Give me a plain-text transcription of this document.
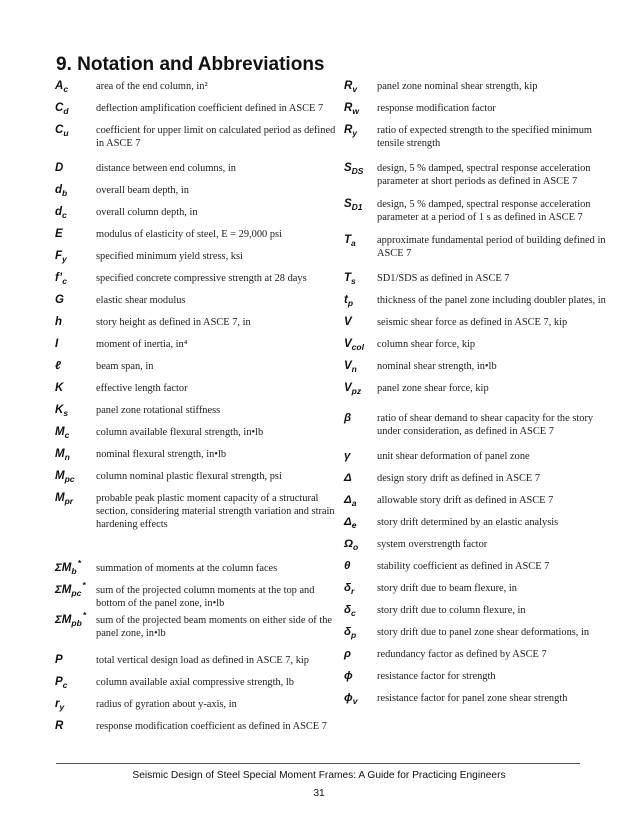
9. Notation and Abbreviations
$A_c$	area of the end column, in²
$C_d$	deflection amplification coefficient defined in ASCE 7
$C_u$	coefficient for upper limit on calculated period as defined in ASCE 7
D	distance between end columns, in
$d_b$	overall beam depth, in
$d_c$	overall column depth, in
E	modulus of elasticity of steel, E = 29,000 psi
$F_y$	specified minimum yield stress, ksi
$f’_c$	specified concrete compressive strength at 28 days
G	elastic shear modulus
h	story height as defined in ASCE 7, in
I	moment of inertia, in⁴
ℓ	beam span, in
K	effective length factor
$K_s$	panel zone rotational stiffness
$M_c$	column available flexural strength, in•lb
$M_n$	nominal flexural strength, in•lb
$M_{pc}$ column nominal plastic flexural strength, psi
$M_{pr}$ probable peak plastic moment capacity of a structural section, considering material strength variation and strain hardening effects
$\Sigma M_b^*$ summation of moments at the column faces
$\Sigma M_{pc}^*$ sum of the projected column moments at the top and bottom of the panel zone, in•lb
$\Sigma M_{pb}^*$ sum of the projected beam moments on either side of the panel zone, in•lb
P	total vertical design load as defined in ASCE 7, kip
$P_c$	column available axial compressive strength, lb
$r_y$	radius of gyration about y-axis, in
R	response modification coefficient as defined in ASCE 7
$R_v$ panel zone nominal shear strength, kip
$R_w$ response modification factor
$R_y$ ratio of expected strength to the specified minimum tensile strength
$S_{DS}$ design, 5 % damped, spectral response acceleration parameter at short periods as defined in ASCE 7
$S_{D1}$ design, 5 % damped, spectral response acceleration parameter at a period of 1 s as defined in ASCE 7
$T_a$ approximate fundamental period of building defined in ASCE 7
$T_s$ SD1/SDS as defined in ASCE 7
$t_p$ thickness of the panel zone including doubler plates, in
V seismic shear force as defined in ASCE 7, kip
$V_{col}$ column shear force, kip
$V_n$ nominal shear strength, in•lb
$V_{pz}$ panel zone shear force, kip
β ratio of shear demand to shear capacity for the story under consideration, as defined in ASCE 7
γ	unit shear deformation of panel zone
Δ design story drift as defined in ASCE 7
$\Delta_a$ allowable story drift as defined in ASCE 7
$\Delta_e$ story drift determined by an elastic analysis
$\Omega_o$ system overstrength factor
θ	stability coefficient as defined in ASCE 7
$\delta_r$ story drift due to beam flexure, in
$\delta_c$ story drift due to column flexure, in
$\delta_p$ story drift due to panel zone shear deformations, in
ρ	redundancy factor as defined by ASCE 7
ϕ resistance factor for strength
$\phi_v$ resistance factor for panel zone shear strength
Seismic Design of Steel Special Moment Frames: A Guide for Practicing Engineers
31
